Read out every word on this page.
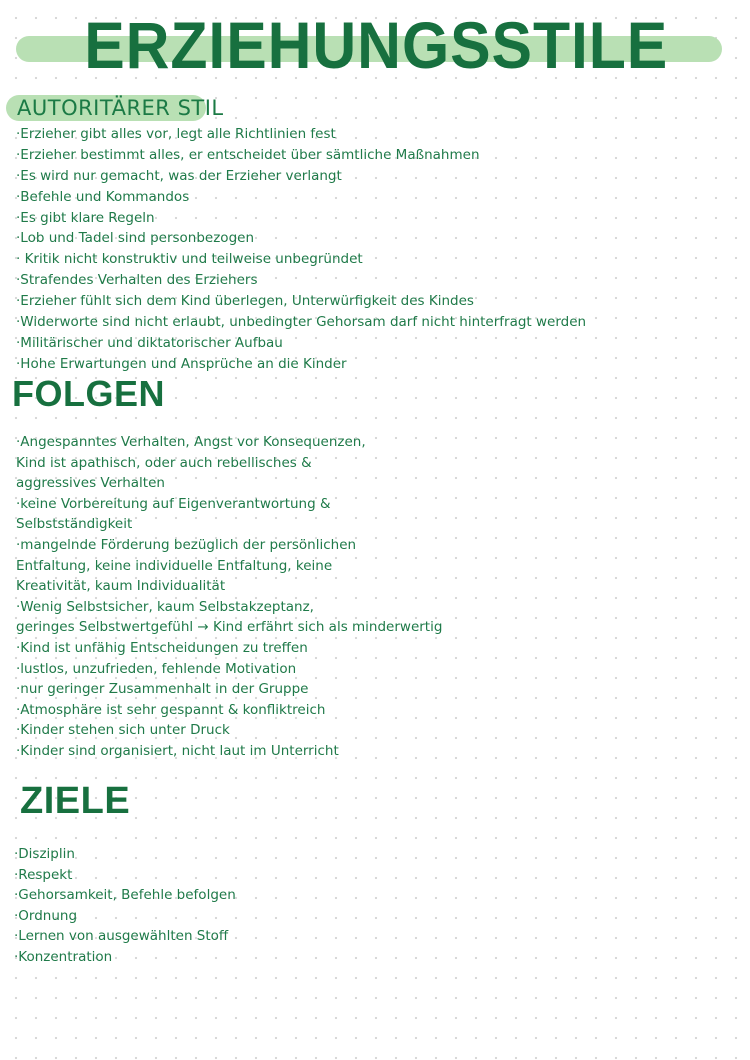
ERZIEHUNGSSTILE
AUTORITÄRER STIL
·Erzieher gibt alles vor, legt alle Richtlinien fest
·Erzieher bestimmt alles, er entscheidet über sämtliche Maßnahmen
·Es wird nur gemacht, was der Erzieher verlangt
·Befehle und Kommandos
·Es gibt klare Regeln
·Lob und Tadel sind personbezogen
· Kritik nicht konstruktiv und teilweise unbegründet
·Strafendes Verhalten des Erziehers
·Erzieher fühlt sich dem Kind überlegen, Unterwürfigkeit des Kindes
·Widerworte sind nicht erlaubt, unbedingter Gehorsam darf nicht hinterfragt werden
·Militärischer und diktatorischer Aufbau
·Hohe Erwartungen und Ansprüche an die Kinder
FOLGEN
·Angespanntes Verhalten, Angst vor Konsequenzen,
Kind ist apathisch, oder auch rebellisches &
aggressives Verhalten
·keine Vorbereitung auf Eigenverantwortung &
Selbstständigkeit
·mangelnde Förderung bezüglich der persönlichen
Entfaltung, keine individuelle Entfaltung, keine
Kreativität, kaum Individualität
·Wenig Selbstsicher, kaum Selbstakzeptanz,
geringes Selbstwertgefühl → Kind erfährt sich als minderwertig
·Kind ist unfähig Entscheidungen zu treffen
·lustlos, unzufrieden, fehlende Motivation
·nur geringer Zusammenhalt in der Gruppe
·Atmosphäre ist sehr gespannt & konfliktreich
·Kinder stehen sich unter Druck
·Kinder sind organisiert, nicht laut im Unterricht
ZIELE
·Disziplin
·Respekt
·Gehorsamkeit, Befehle befolgen
·Ordnung
·Lernen von ausgewählten Stoff
·Konzentration
